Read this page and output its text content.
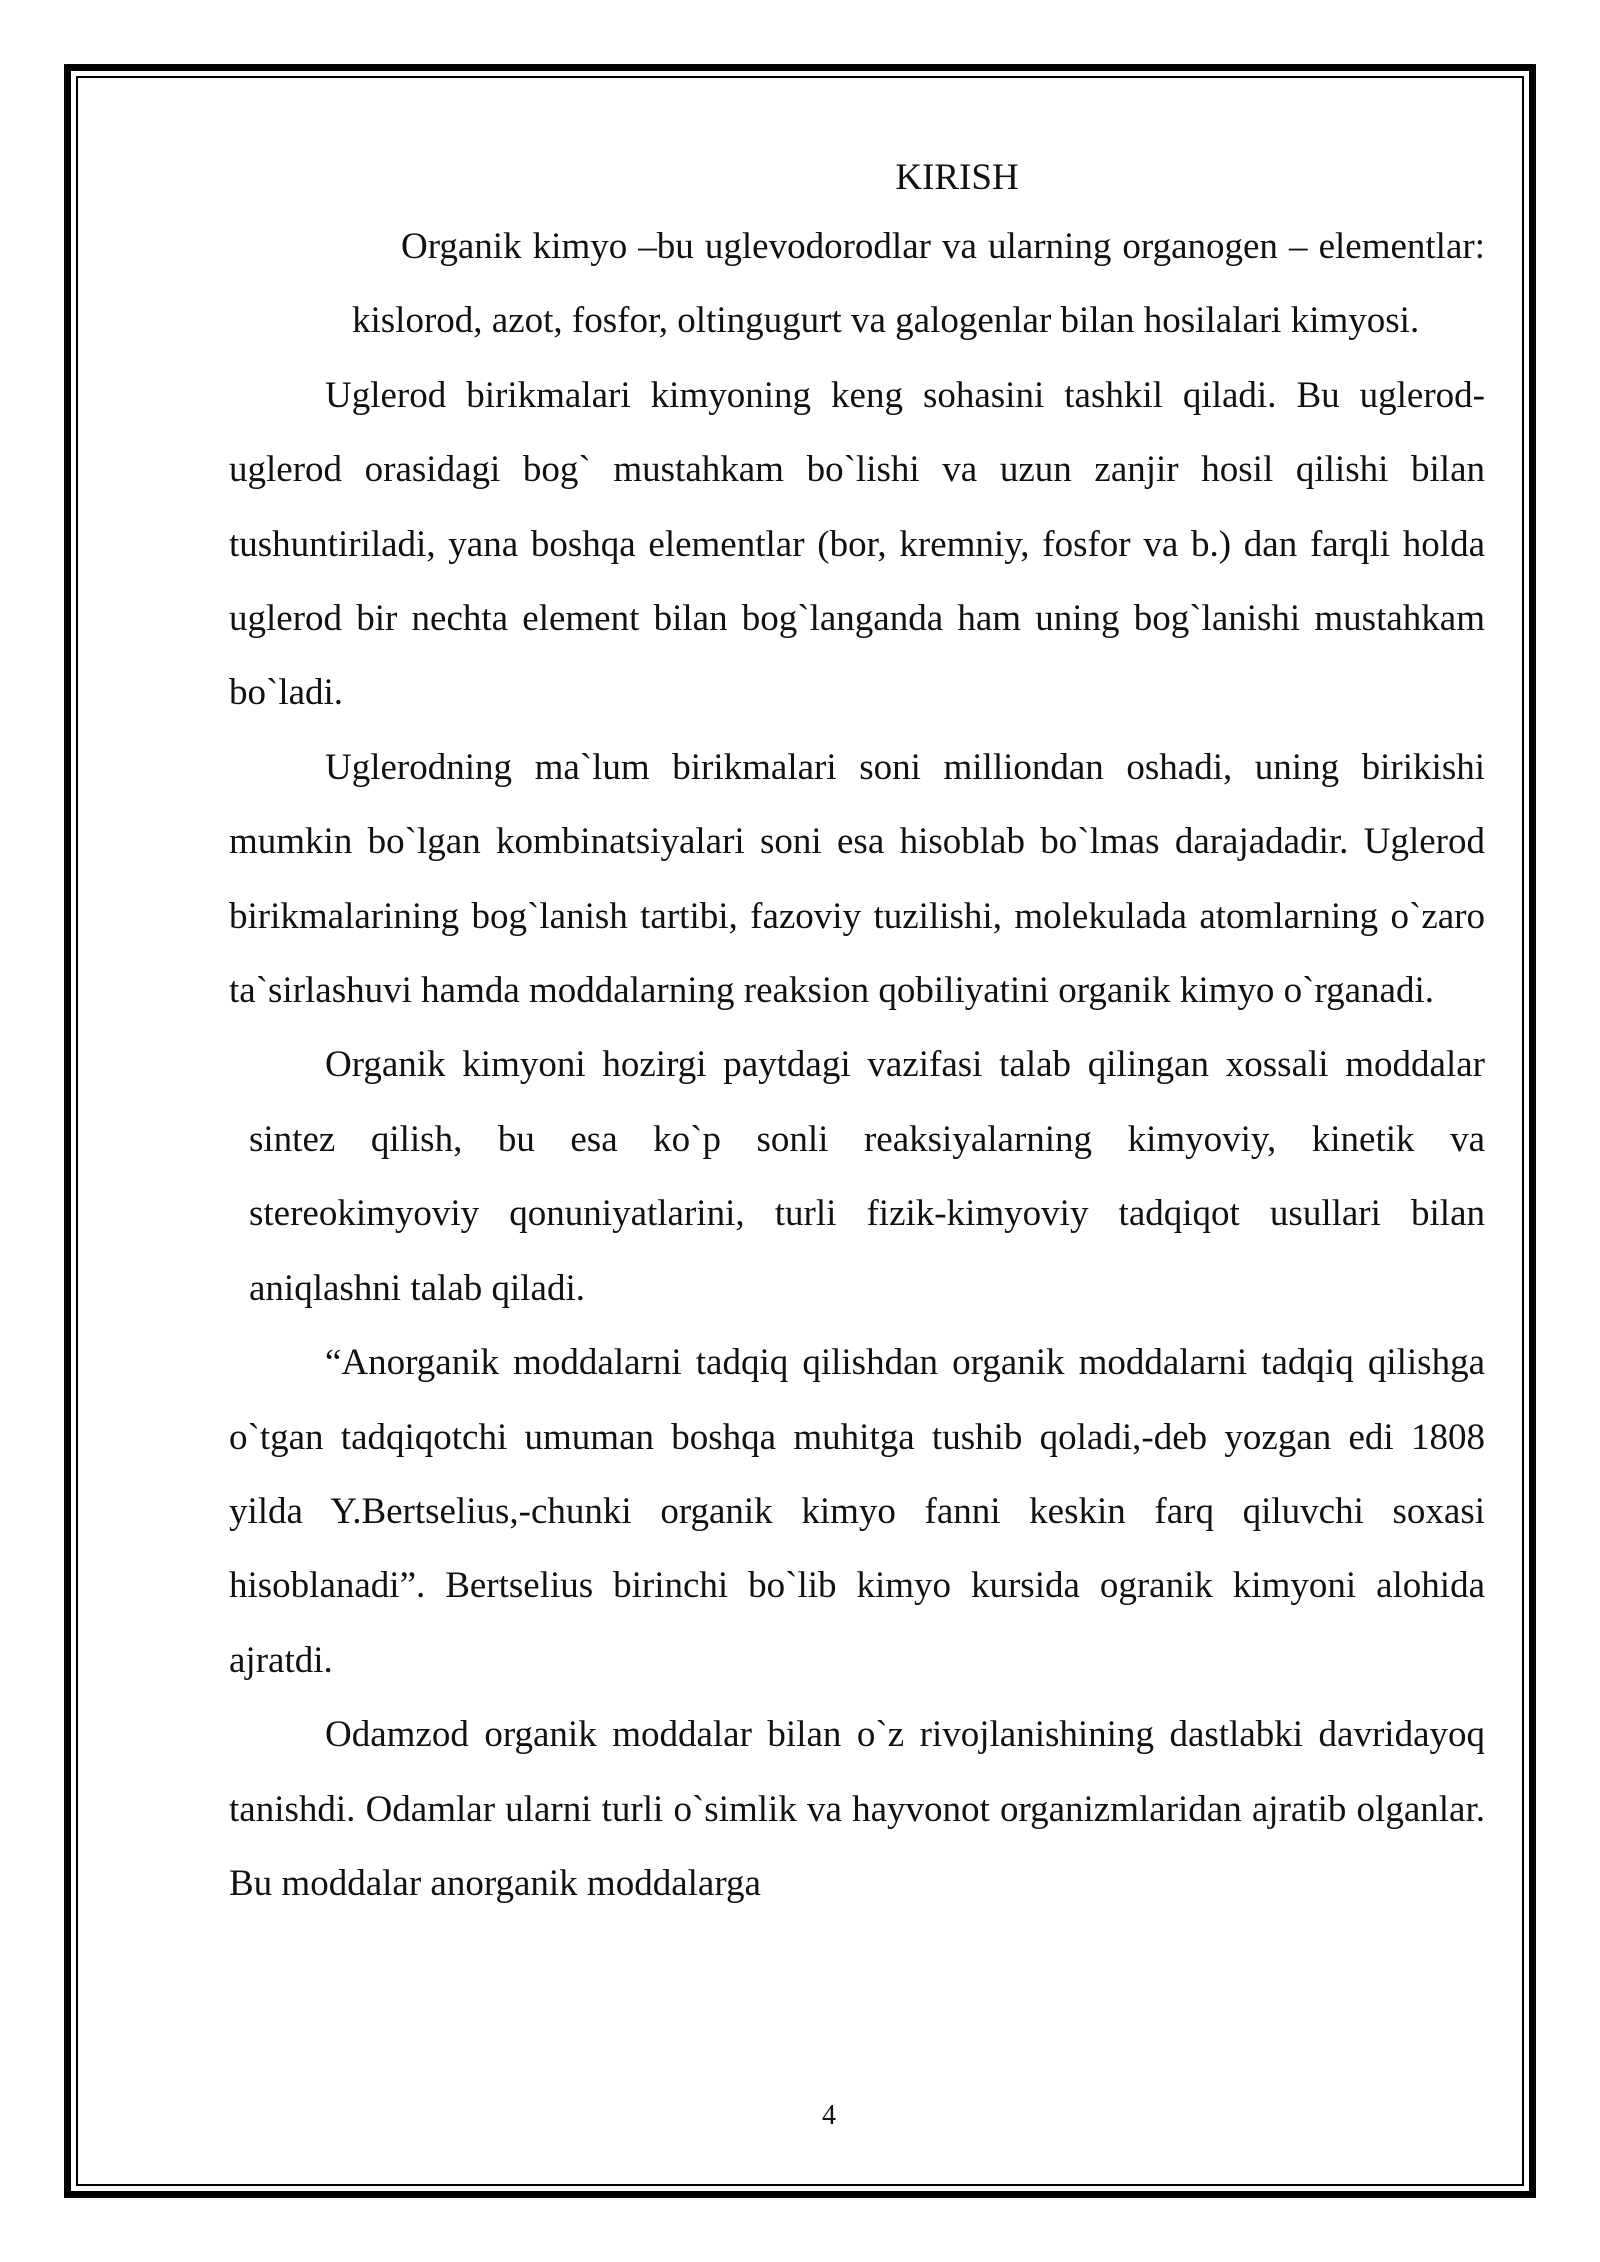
KIRISH

Organik kimyo –bu uglevodorodlar va ularning organogen – elementlar:kislorod, azot, fosfor, oltingugurt va galogenlar bilan hosilalari kimyosi.

Uglerod birikmalari kimyoning keng sohasini tashkil qiladi. Bu uglerod-uglerod orasidagi bog` mustahkam bo`lishi va uzun zanjir hosil qilishi bilan tushuntiriladi, yana boshqa elementlar (bor, kremniy, fosfor va b.) dan farqli holda uglerod bir nechta element bilan bog`langanda ham uning bog`lanishi mustahkam bo`ladi.

Uglerodning ma`lum birikmalari soni milliondan oshadi, uning birikishi mumkin bo`lgan kombinatsiyalari soni esa hisoblab bo`lmas darajadadir. Uglerod birikmalarining bog`lanish tartibi, fazoviy tuzilishi, molekulada atomlarning o`zaro ta`sirlashuvi hamda moddalarning reaksion qobiliyatini organik kimyo o`rganadi.

Organik kimyoni hozirgi paytdagi vazifasi talab qilingan xossali moddalar sintez qilish, bu esa ko`p sonli reaksiyalarning kimyoviy, kinetik va stereokimyoviy qonuniyatlarini, turli fizik-kimyoviy tadqiqot usullari bilan aniqlashni talab qiladi.

“Anorganik moddalarni tadqiq qilishdan organik moddalarni tadqiq qilishga o`tgan tadqiqotchi umuman boshqa muhitga tushib qoladi,-deb yozgan edi 1808 yilda Y.Bertselius,-chunki organik kimyo fanni keskin farq qiluvchi soxasi hisoblanadi”. Bertselius birinchi bo`lib kimyo kursida ogranik kimyoni alohida ajratdi.

Odamzod organik moddalar bilan o`z rivojlanishining dastlabki davridayoq tanishdi. Odamlar ularni turli o`simlik va hayvonot organizmlaridan ajratib olganlar. Bu moddalar anorganik moddalarga

4
